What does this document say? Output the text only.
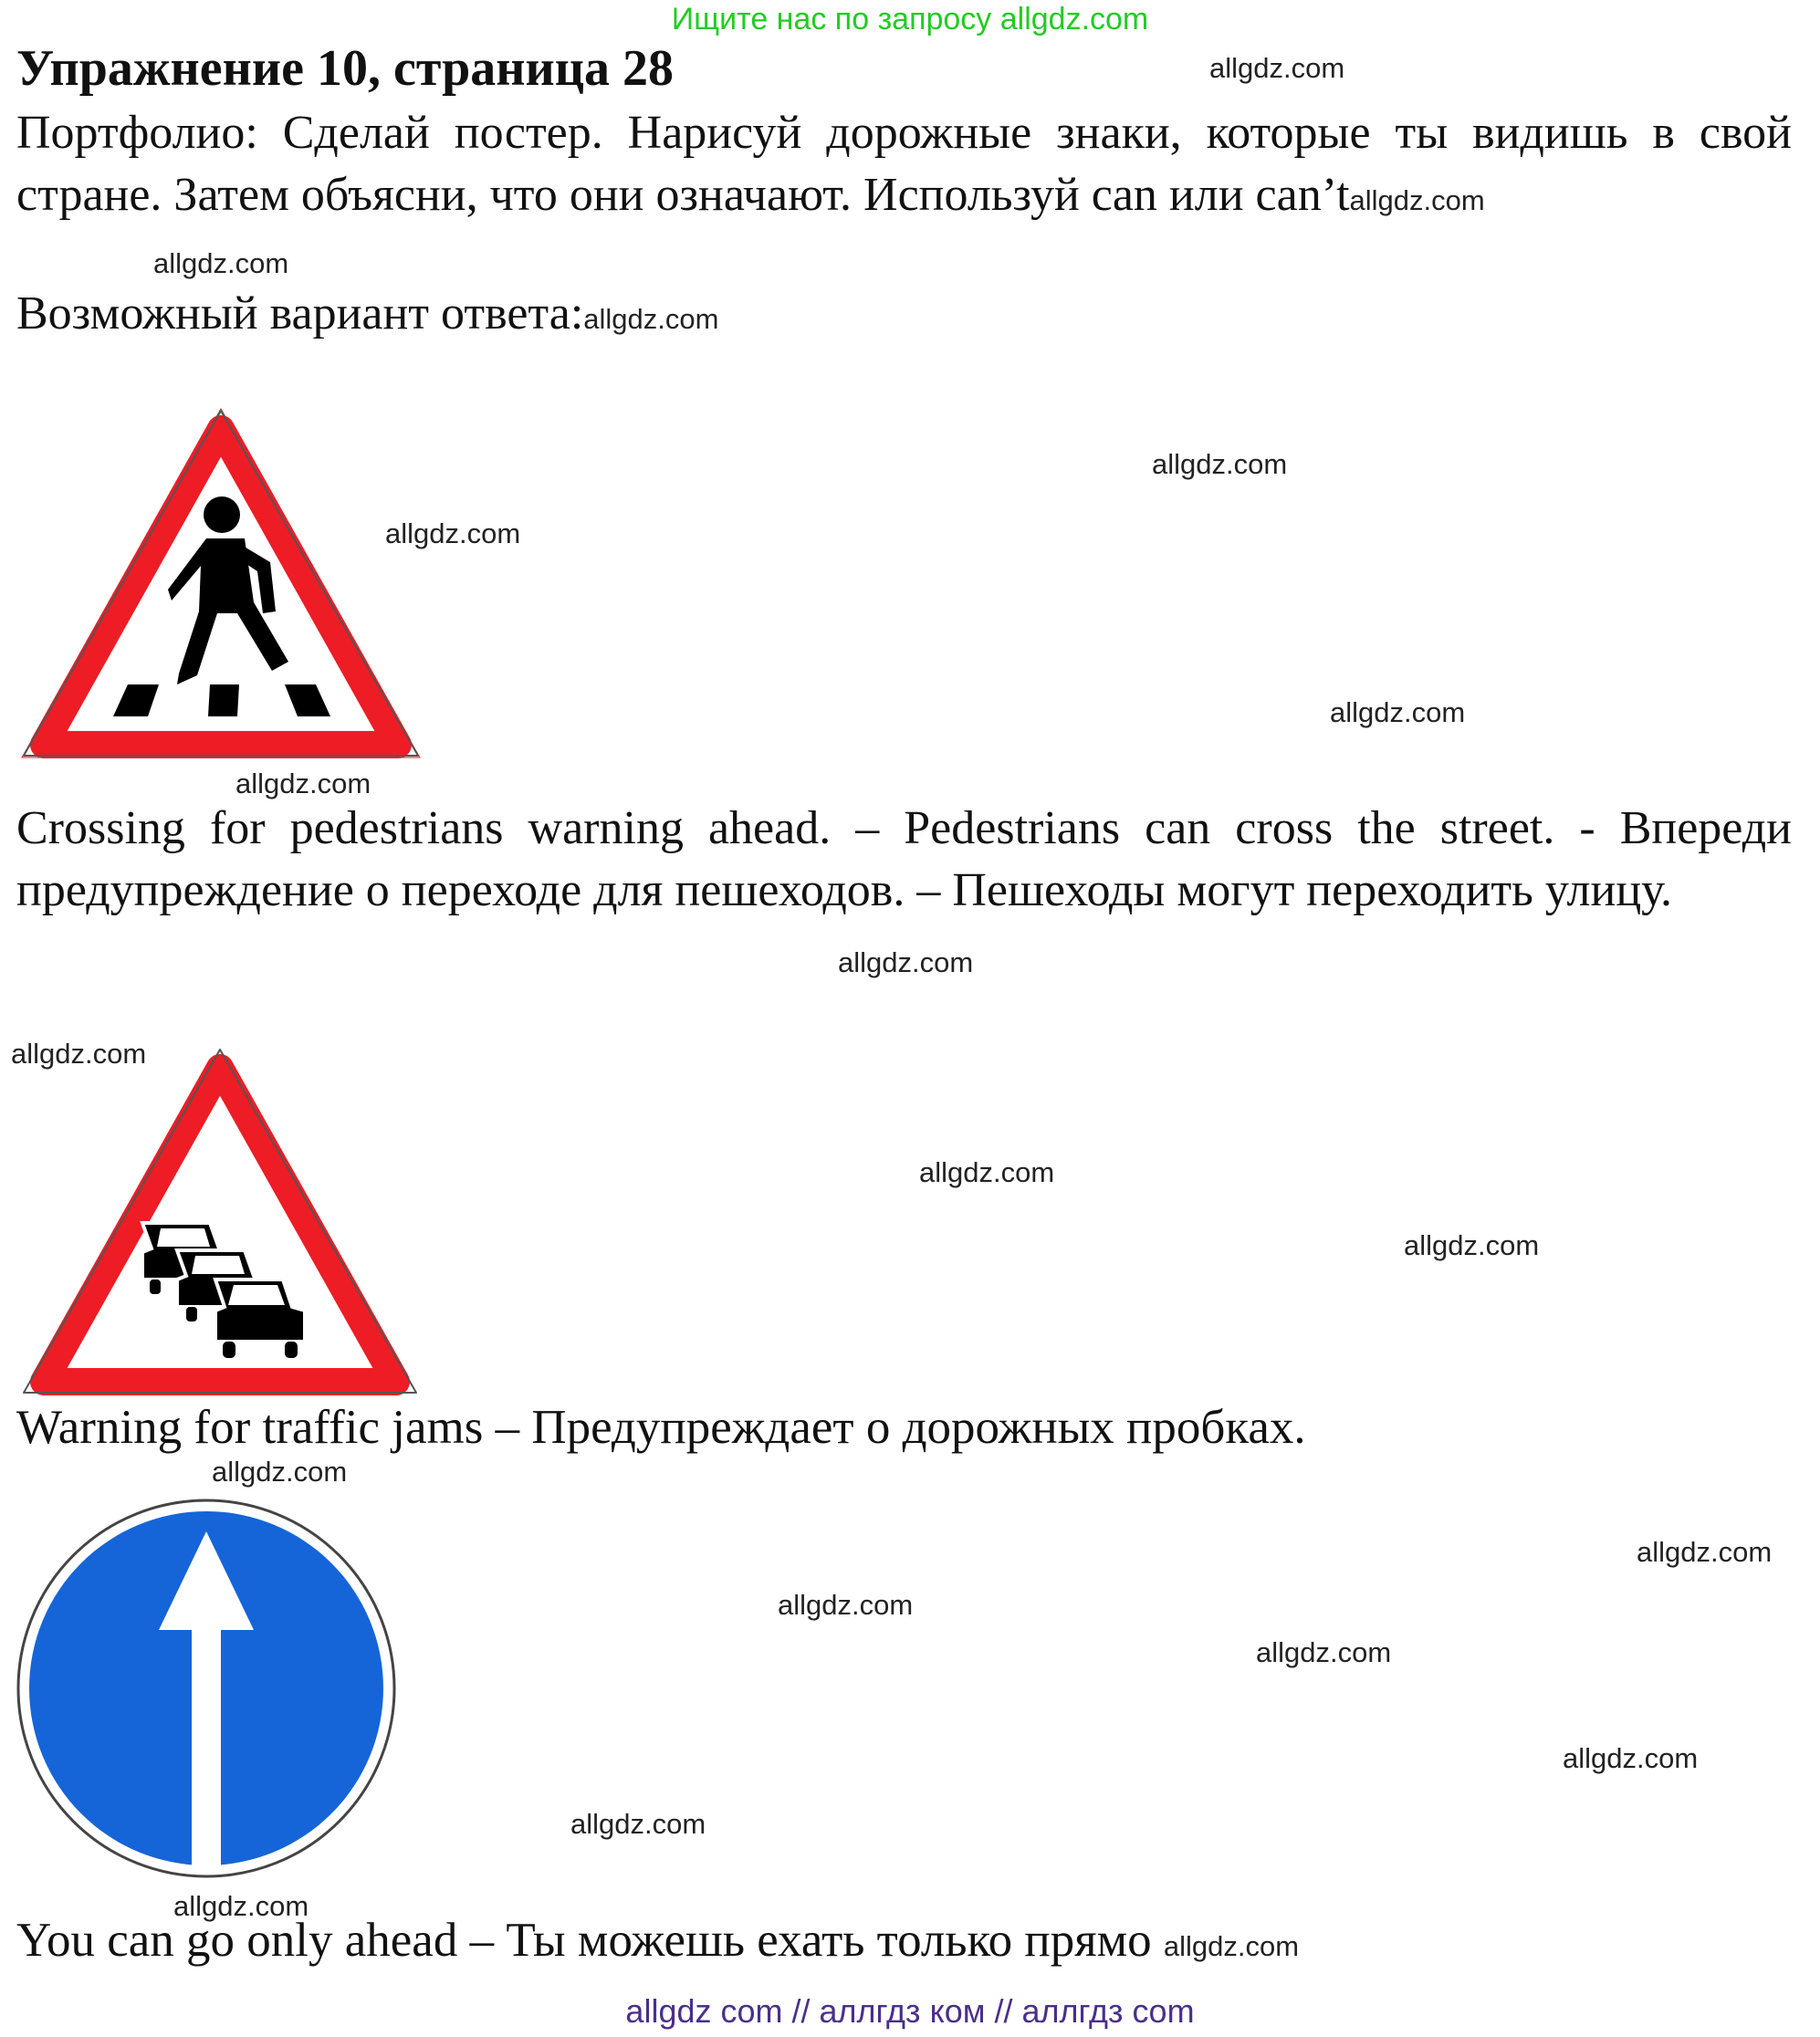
Ищите нас по запросу allgdz.com
Упражнение 10, страница 28	allgdz.com
Портфолио: Сделай постер. Нарисуй дорожные знаки, которые ты видишь в свой стране. Затем объясни, что они означают. Используй can или can’tallgdz.com
allgdz.com
Возможный вариант ответа:allgdz.com
allgdz.com
allgdz.com
allgdz.com
allgdz.com
Crossing for pedestrians warning ahead. – Pedestrians can cross the street. - Впереди предупреждение о переходе для пешеходов. – Пешеходы могут переходить улицу.
allgdz.com
allgdz.com
allgdz.com
allgdz.com
Warning for traffic jams – Предупреждает о дорожных пробках.
allgdz.com
allgdz.com
allgdz.com
allgdz.com
allgdz.com
allgdz.com
allgdz.com
You can go only ahead – Ты можешь ехать только прямо allgdz.com
allgdz com // аллгдз ком // аллгдз com
